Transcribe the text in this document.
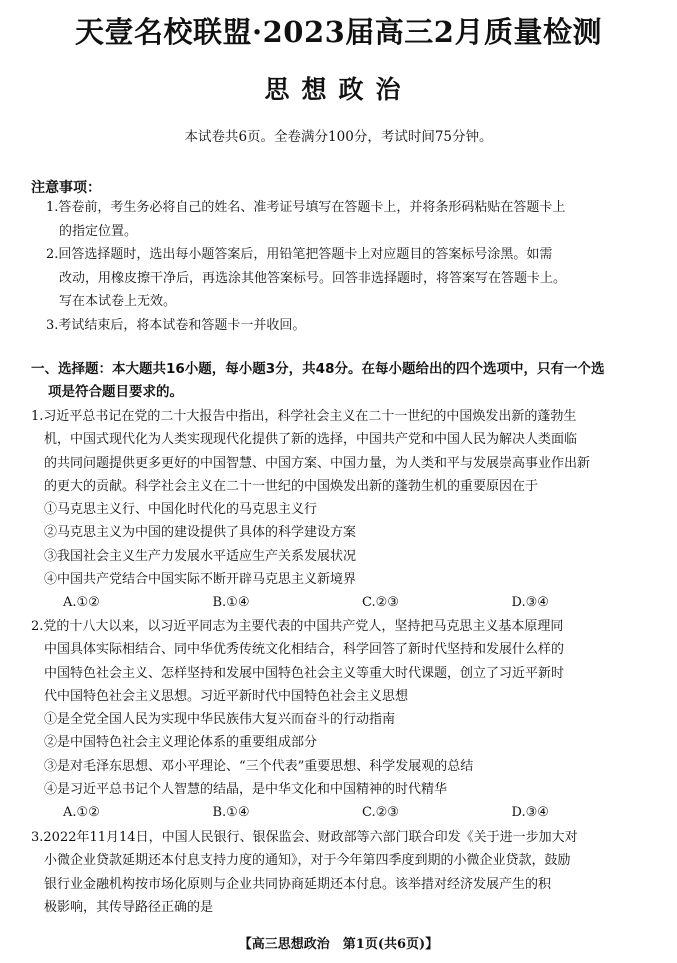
天壹名校联盟·2023届高三2月质量检测
思想政治
本试卷共6页。全卷满分100分，考试时间75分钟。
注意事项：

1.答卷前，考生务必将自己的姓名、准考证号填写在答题卡上，并将条形码粘贴在答题卡上

的指定位置。

2.回答选择题时，选出每小题答案后，用铅笔把答题卡上对应题目的答案标号涂黑。如需

改动，用橡皮擦干净后，再选涂其他答案标号。回答非选择题时，将答案写在答题卡上。

写在本试卷上无效。

3.考试结束后，将本试卷和答题卡一并收回。

一、选择题：本大题共16小题，每小题3分，共48分。在每小题给出的四个选项中，只有一个选
项是符合题目要求的。

1.习近平总书记在党的二十大报告中指出，科学社会主义在二十一世纪的中国焕发出新的蓬勃生

机，中国式现代化为人类实现现代化提供了新的选择，中国共产党和中国人民为解决人类面临

的共同问题提供更多更好的中国智慧、中国方案、中国力量，为人类和平与发展崇高事业作出新

的更大的贡献。科学社会主义在二十一世纪的中国焕发出新的蓬勃生机的重要原因在于

①马克思主义行、中国化时代化的马克思主义行

②马克思主义为中国的建设提供了具体的科学建设方案

③我国社会主义生产力发展水平适应生产关系发展状况

④中国共产党结合中国实际不断开辟马克思主义新境界

A.①②	B.①④	C.②③	D.③④

2.党的十八大以来，以习近平同志为主要代表的中国共产党人，坚持把马克思主义基本原理同

中国具体实际相结合、同中华优秀传统文化相结合，科学回答了新时代坚持和发展什么样的

中国特色社会主义、怎样坚持和发展中国特色社会主义等重大时代课题，创立了习近平新时

代中国特色社会主义思想。习近平新时代中国特色社会主义思想

①是全党全国人民为实现中华民族伟大复兴而奋斗的行动指南

②是中国特色社会主义理论体系的重要组成部分

③是对毛泽东思想、邓小平理论、“三个代表”重要思想、科学发展观的总结

④是习近平总书记个人智慧的结晶，是中华文化和中国精神的时代精华

A.①②	B.①④	C.②③	D.③④

3.2022年11月14日，中国人民银行、银保监会、财政部等六部门联合印发《关于进一步加大对

小微企业贷款延期还本付息支持力度的通知》，对于今年第四季度到期的小微企业贷款，鼓励

银行业金融机构按市场化原则与企业共同协商延期还本付息。该举措对经济发展产生的积

极影响，其传导路径正确的是

【高三思想政治　第1页(共6页)】
